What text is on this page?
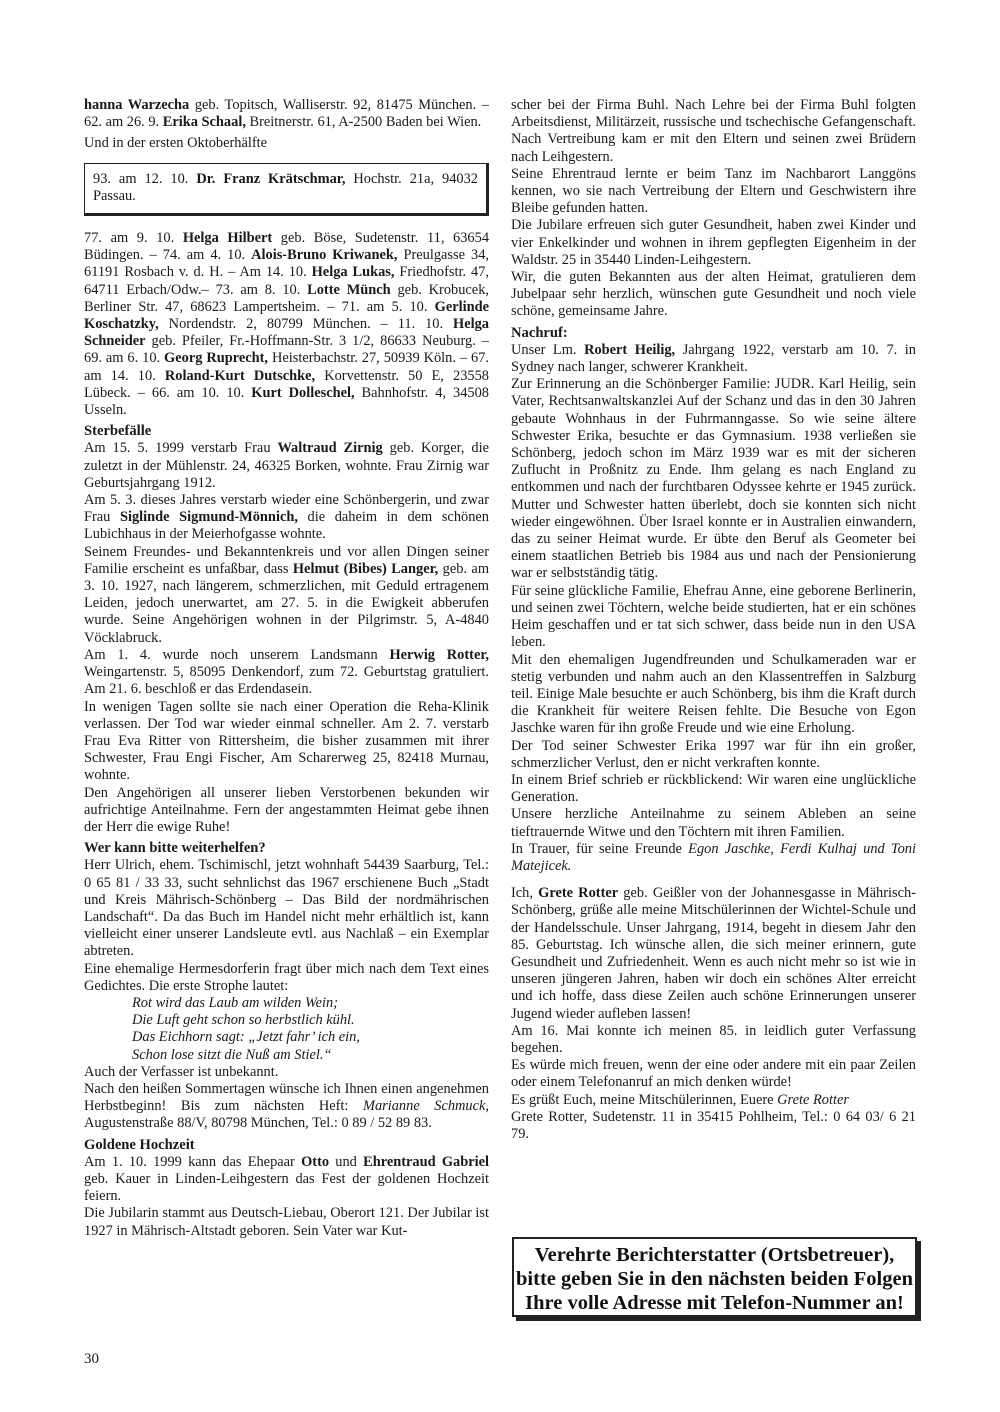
hanna Warzecha geb. Topitsch, Walliserstr. 92, 81475 München. – 62. am 26. 9. Erika Schaal, Breitnerstr. 61, A-2500 Baden bei Wien.

Und in der ersten Oktoberhälfte

93. am 12. 10. Dr. Franz Krätschmar, Hochstr. 21a, 94032 Passau.

77. am 9. 10. Helga Hilbert geb. Böse, Sudetenstr. 11, 63654 Büdingen. – 74. am 4. 10. Alois-Bruno Kriwanek, Preulgasse 34, 61191 Rosbach v. d. H. – Am 14. 10. Helga Lukas, Friedhofstr. 47, 64711 Erbach/Odw.– 73. am 8. 10. Lotte Münch geb. Krobucek, Berliner Str. 47, 68623 Lampertsheim. – 71. am 5. 10. Gerlinde Koschatzky, Nordendstr. 2, 80799 München. – 11. 10. Helga Schneider geb. Pfeiler, Fr.-Hoffmann-Str. 3 1/2, 86633 Neuburg. – 69. am 6. 10. Georg Ruprecht, Heisterbachstr. 27, 50939 Köln. – 67. am 14. 10. Roland-Kurt Dutschke, Korvettenstr. 50 E, 23558 Lübeck. – 66. am 10. 10. Kurt Dolleschel, Bahnhofstr. 4, 34508 Usseln.

Sterbefälle

Am 15. 5. 1999 verstarb Frau Waltraud Zirnig geb. Korger, die zuletzt in der Mühlenstr. 24, 46325 Borken, wohnte. Frau Zirnig war Geburtsjahrgang 1912.

Am 5. 3. dieses Jahres verstarb wieder eine Schönbergerin, und zwar Frau Siglinde Sigmund-Mönnich, die daheim in dem schönen Lubichhaus in der Meierhofgasse wohnte.

Seinem Freundes- und Bekanntenkreis und vor allen Dingen seiner Familie erscheint es unfaßbar, dass Helmut (Bibes) Langer, geb. am 3. 10. 1927, nach längerem, schmerzlichen, mit Geduld ertragenem Leiden, jedoch unerwartet, am 27. 5. in die Ewigkeit abberufen wurde. Seine Angehörigen wohnen in der Pilgrimstr. 5, A-4840 Vöcklabruck.

Am 1. 4. wurde noch unserem Landsmann Herwig Rotter, Weingartenstr. 5, 85095 Denkendorf, zum 72. Geburtstag gratuliert. Am 21. 6. beschloß er das Erdendasein.

In wenigen Tagen sollte sie nach einer Operation die Reha-Klinik verlassen. Der Tod war wieder einmal schneller. Am 2. 7. verstarb Frau Eva Ritter von Rittersheim, die bisher zusammen mit ihrer Schwester, Frau Engi Fischer, Am Scharerweg 25, 82418 Murnau, wohnte.

Den Angehörigen all unserer lieben Verstorbenen bekunden wir aufrichtige Anteilnahme. Fern der angestammten Heimat gebe ihnen der Herr die ewige Ruhe!

Wer kann bitte weiterhelfen?

Herr Ulrich, ehem. Tschimischl, jetzt wohnhaft 54439 Saarburg, Tel.: 0 65 81 / 33 33, sucht sehnlichst das 1967 erschienene Buch „Stadt und Kreis Mährisch-Schönberg – Das Bild der nordmährischen Landschaft“. Da das Buch im Handel nicht mehr erhältlich ist, kann vielleicht einer unserer Landsleute evtl. aus Nachlaß – ein Exemplar abtreten.

Eine ehemalige Hermesdorferin fragt über mich nach dem Text eines Gedichtes. Die erste Strophe lautet:

Rot wird das Laub am wilden Wein;
Die Luft geht schon so herbstlich kühl.
Das Eichhorn sagt: „Jetzt fahr’ ich ein,
Schon lose sitzt die Nuß am Stiel.“

Auch der Verfasser ist unbekannt.

Nach den heißen Sommertagen wünsche ich Ihnen einen angenehmen Herbstbeginn! Bis zum nächsten Heft: Marianne Schmuck, Augustenstraße 88/V, 80798 München, Tel.: 0 89 / 52 89 83.

Goldene Hochzeit

Am 1. 10. 1999 kann das Ehepaar Otto und Ehrentraud Gabriel geb. Kauer in Linden-Leihgestern das Fest der goldenen Hochzeit feiern.

Die Jubilarin stammt aus Deutsch-Liebau, Oberort 121. Der Jubilar ist 1927 in Mährisch-Altstadt geboren. Sein Vater war Kut-

scher bei der Firma Buhl. Nach Lehre bei der Firma Buhl folgten Arbeitsdienst, Militärzeit, russische und tschechische Gefangenschaft. Nach Vertreibung kam er mit den Eltern und seinen zwei Brüdern nach Leihgestern.

Seine Ehrentraud lernte er beim Tanz im Nachbarort Langgöns kennen, wo sie nach Vertreibung der Eltern und Geschwistern ihre Bleibe gefunden hatten.

Die Jubilare erfreuen sich guter Gesundheit, haben zwei Kinder und vier Enkelkinder und wohnen in ihrem gepflegten Eigenheim in der Waldstr. 25 in 35440 Linden-Leihgestern.

Wir, die guten Bekannten aus der alten Heimat, gratulieren dem Jubelpaar sehr herzlich, wünschen gute Gesundheit und noch viele schöne, gemeinsame Jahre.

Nachruf:

Unser Lm. Robert Heilig, Jahrgang 1922, verstarb am 10. 7. in Sydney nach langer, schwerer Krankheit.

Zur Erinnerung an die Schönberger Familie: JUDR. Karl Heilig, sein Vater, Rechtsanwaltskanzlei Auf der Schanz und das in den 30 Jahren gebaute Wohnhaus in der Fuhrmanngasse. So wie seine ältere Schwester Erika, besuchte er das Gymnasium. 1938 verließen sie Schönberg, jedoch schon im März 1939 war es mit der sicheren Zuflucht in Proßnitz zu Ende. Ihm gelang es nach England zu entkommen und nach der furchtbaren Odyssee kehrte er 1945 zurück. Mutter und Schwester hatten überlebt, doch sie konnten sich nicht wieder eingewöhnen. Über Israel konnte er in Australien einwandern, das zu seiner Heimat wurde. Er übte den Beruf als Geometer bei einem staatlichen Betrieb bis 1984 aus und nach der Pensionierung war er selbstständig tätig.

Für seine glückliche Familie, Ehefrau Anne, eine geborene Berlinerin, und seinen zwei Töchtern, welche beide studierten, hat er ein schönes Heim geschaffen und er tat sich schwer, dass beide nun in den USA leben.

Mit den ehemaligen Jugendfreunden und Schulkameraden war er stetig verbunden und nahm auch an den Klassentreffen in Salzburg teil. Einige Male besuchte er auch Schönberg, bis ihm die Kraft durch die Krankheit für weitere Reisen fehlte. Die Besuche von Egon Jaschke waren für ihn große Freude und wie eine Erholung.

Der Tod seiner Schwester Erika 1997 war für ihn ein großer, schmerzlicher Verlust, den er nicht verkraften konnte.

In einem Brief schrieb er rückblickend: Wir waren eine unglückliche Generation.

Unsere herzliche Anteilnahme zu seinem Ableben an seine tieftrauernde Witwe und den Töchtern mit ihren Familien.

In Trauer, für seine Freunde Egon Jaschke, Ferdi Kulhaj und Toni Matejicek.

Ich, Grete Rotter geb. Geißler von der Johannesgasse in Mährisch-Schönberg, grüße alle meine Mitschülerinnen der Wichtel-Schule und der Handelsschule. Unser Jahrgang, 1914, begeht in diesem Jahr den 85. Geburtstag. Ich wünsche allen, die sich meiner erinnern, gute Gesundheit und Zufriedenheit. Wenn es auch nicht mehr so ist wie in unseren jüngeren Jahren, haben wir doch ein schönes Alter erreicht und ich hoffe, dass diese Zeilen auch schöne Erinnerungen unserer Jugend wieder aufleben lassen!

Am 16. Mai konnte ich meinen 85. in leidlich guter Verfassung begehen.

Es würde mich freuen, wenn der eine oder andere mit ein paar Zeilen oder einem Telefonanruf an mich denken würde!

Es grüßt Euch, meine Mitschülerinnen, Euere Grete Rotter

Grete Rotter, Sudetenstr. 11 in 35415 Pohlheim, Tel.: 0 64 03/ 6 21 79.

Verehrte Berichterstatter (Ortsbetreuer),
bitte geben Sie in den nächsten beiden Folgen
Ihre volle Adresse mit Telefon-Nummer an!
30
